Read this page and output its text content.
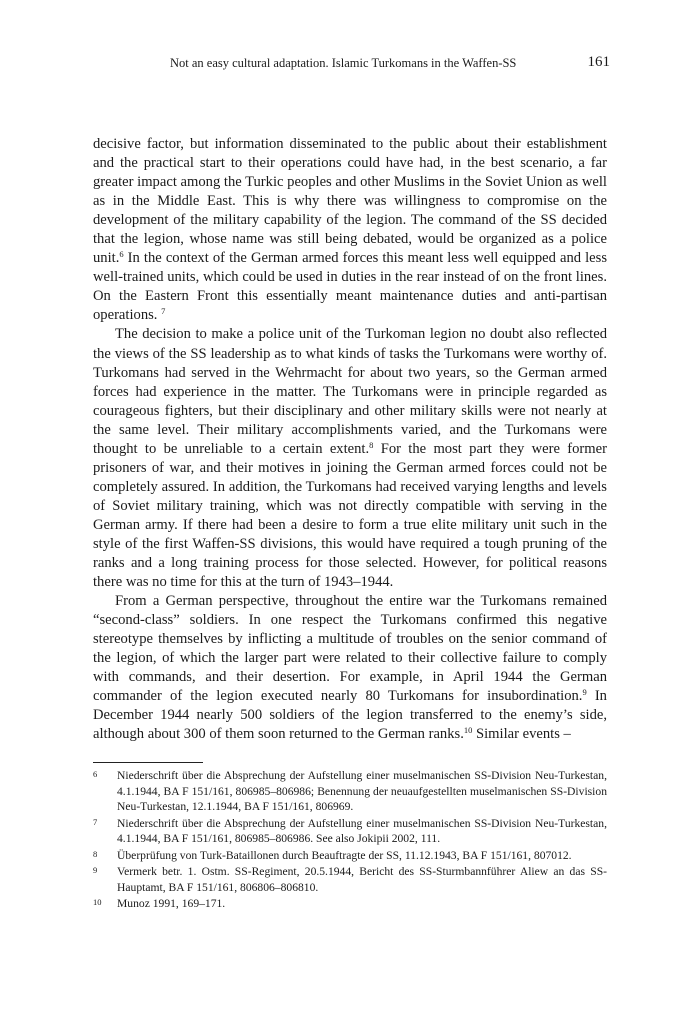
Not an easy cultural adaptation. Islamic Turkomans in the Waffen-SS	161

decisive factor, but information disseminated to the public about their establishment and the practical start to their operations could have had, in the best scenario, a far greater impact among the Turkic peoples and other Muslims in the Soviet Union as well as in the Middle East. This is why there was willingness to compromise on the development of the military capability of the legion. The command of the SS decided that the legion, whose name was still being debated, would be organized as a police unit.$^6$ In the context of the German armed forces this meant less well equipped and less well-trained units, which could be used in duties in the rear instead of on the front lines. On the Eastern Front this essentially meant maintenance duties and anti-partisan operations. $^7$

The decision to make a police unit of the Turkoman legion no doubt also reflected the views of the SS leadership as to what kinds of tasks the Turkomans were worthy of. Turkomans had served in the Wehrmacht for about two years, so the German armed forces had experience in the matter. The Turkomans were in principle regarded as courageous fighters, but their disciplinary and other military skills were not nearly at the same level. Their military accomplishments varied, and the Turkomans were thought to be unreliable to a certain extent.$^8$ For the most part they were former prisoners of war, and their motives in joining the German armed forces could not be completely assured. In addition, the Turkomans had received varying lengths and levels of Soviet military training, which was not directly compatible with serving in the German army. If there had been a desire to form a true elite military unit such in the style of the first Waffen-SS divisions, this would have required a tough pruning of the ranks and a long training process for those selected. However, for political reasons there was no time for this at the turn of 1943–1944.

From a German perspective, throughout the entire war the Turkomans remained “second-class” soldiers. In one respect the Turkomans confirmed this negative stereotype themselves by inflicting a multitude of troubles on the senior command of the legion, of which the larger part were related to their collective failure to comply with commands, and their desertion. For example, in April 1944 the German commander of the legion executed nearly 80 Turkomans for insubordination.$^9$ In December 1944 nearly 500 soldiers of the legion transferred to the enemy’s side, although about 300 of them soon returned to the German ranks.$^{10}$ Similar events –

6 Niederschrift über die Absprechung der Aufstellung einer muselmanischen SS-Division Neu-Turkestan, 4.1.1944, BA F 151/161, 806985–806986; Benennung der neuaufgestellten muselmanischen SS-Division Neu-Turkestan, 12.1.1944, BA F 151/161, 806969.
7 Niederschrift über die Absprechung der Aufstellung einer muselmanischen SS-Division Neu-Turkestan, 4.1.1944, BA F 151/161, 806985–806986. See also Jokipii 2002, 111.
8 Überprüfung von Turk-Bataillonen durch Beauftragte der SS, 11.12.1943, BA F 151/161, 807012.
9 Vermerk betr. 1. Ostm. SS-Regiment, 20.5.1944, Bericht des SS-Sturmbannführer Aliew an das SS-Hauptamt, BA F 151/161, 806806–806810.
10 Munoz 1991, 169–171.
